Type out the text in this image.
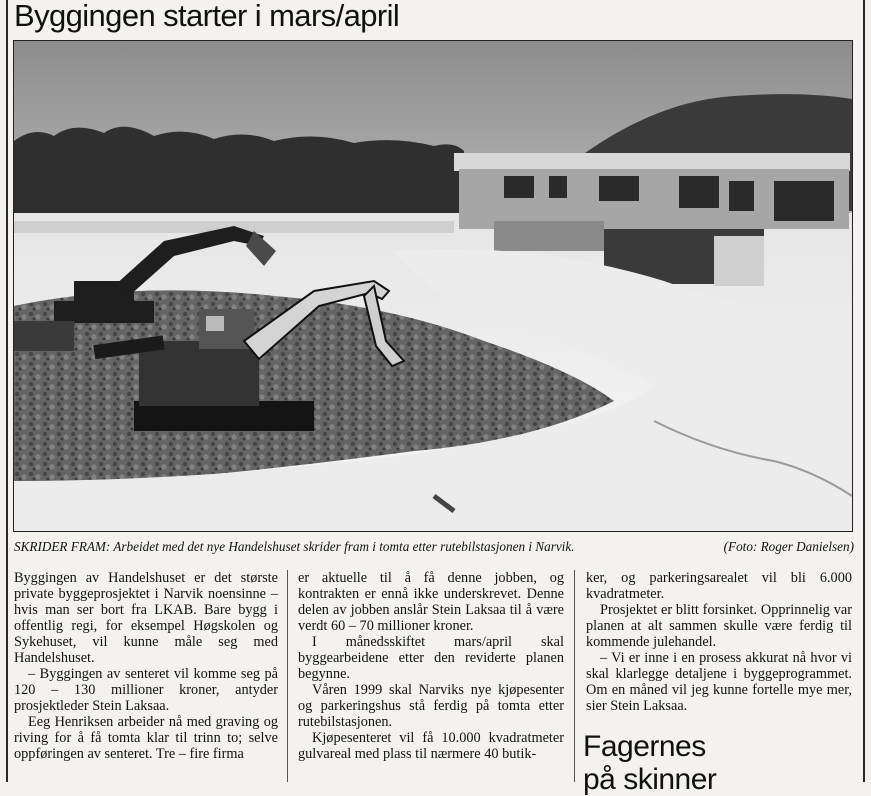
Byggingen starter i mars/april
SKRIDER FRAM: Arbeidet med det nye Handelshuset skrider fram i tomta etter rutebilstasjonen i Narvik.	(Foto: Roger Danielsen)

Byggingen av Handelshuset er det største private byggeprosjektet i Narvik noensinne – hvis man ser bort fra LKAB. Bare bygg i offentlig regi, for eksempel Høgskolen og Sykehuset, vil kunne måle seg med Handelshuset.

– Byggingen av senteret vil komme seg på 120 – 130 millioner kroner, antyder prosjektleder Stein Laksaa.

Eeg Henriksen arbeider nå med graving og riving for å få tomta klar til trinn to; selve oppføringen av senteret. Tre – fire firma

er aktuelle til å få denne jobben, og kontrakten er ennå ikke underskrevet. Denne delen av jobben anslår Stein Laksaa til å være verdt 60 – 70 millioner kroner.

I månedsskiftet mars/april skal byggearbeidene etter den reviderte planen begynne.

Våren 1999 skal Narviks nye kjøpesenter og parkeringshus stå ferdig på tomta etter rutebilstasjonen.

Kjøpesenteret vil få 10.000 kvadratmeter gulvareal med plass til nærmere 40 butik-

ker, og parkeringsarealet vil bli 6.000 kvadratmeter.

Prosjektet er blitt forsinket. Opprinnelig var planen at alt sammen skulle være ferdig til kommende julehandel.

– Vi er inne i en prosess akkurat nå hvor vi skal klarlegge detaljene i byggeprogrammet. Om en måned vil jeg kunne fortelle mye mer, sier Stein Laksaa.

Fagernes
på skinner
